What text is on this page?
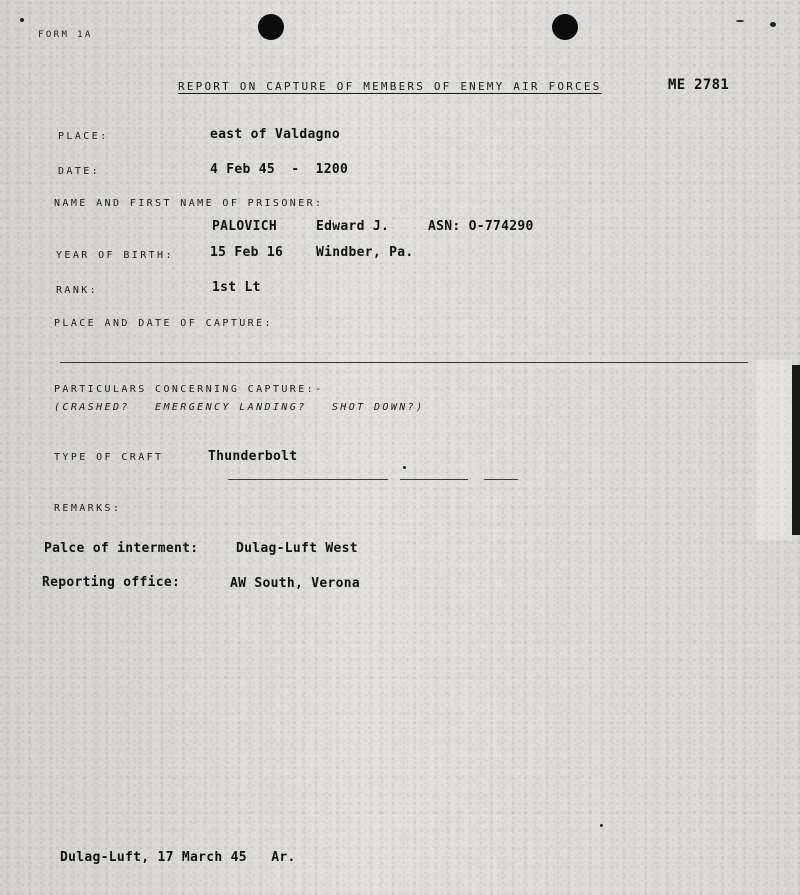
FORM 1A
REPORT ON CAPTURE OF MEMBERS OF ENEMY AIR FORCES	ME 2781
PLACE:	east of Valdagno
DATE:	4 Feb 45  -  1200
NAME AND FIRST NAME OF PRISONER:
PALOVICH	Edward J.	ASN: O-774290
YEAR OF BIRTH:	15 Feb 16	Windber, Pa.
RANK:	1st Lt
PLACE AND DATE OF CAPTURE:
PARTICULARS CONCERNING CAPTURE:-
(CRASHED?   EMERGENCY LANDING?   SHOT DOWN?)
TYPE OF CRAFT	Thunderbolt
REMARKS:
Palce of interment:	Dulag-Luft West
Reporting office:	AW South, Verona
Dulag-Luft, 17 March 45   Ar.
